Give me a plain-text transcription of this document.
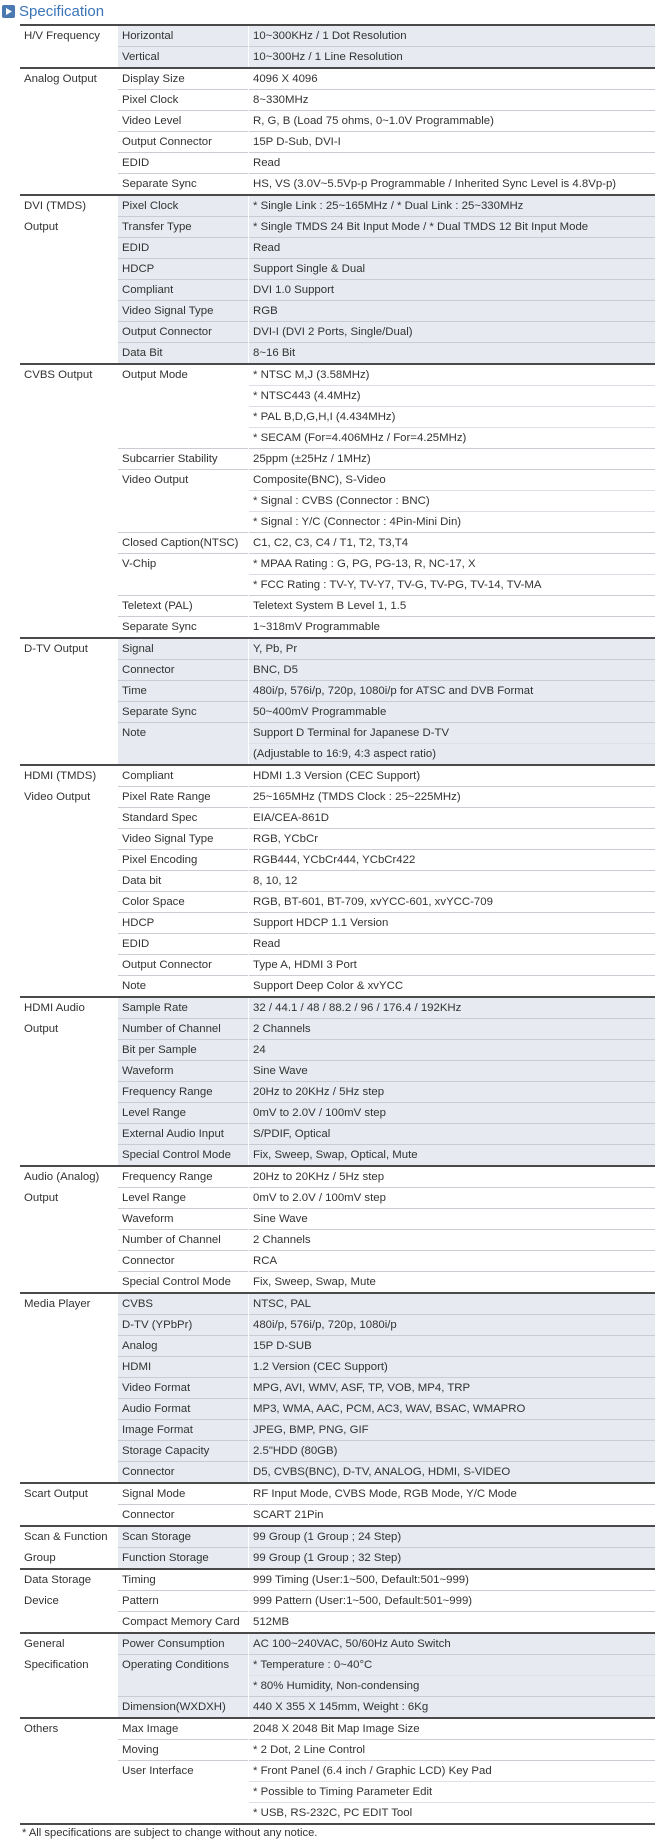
Specification
H/V Frequency	Horizontal	10~300KHz / 1 Dot Resolution
	Vertical	10~300Hz / 1 Line Resolution
Analog Output	Display Size	4096 X 4096
	Pixel Clock	8~330MHz
	Video Level	R, G, B (Load 75 ohms, 0~1.0V Programmable)
	Output Connector	15P D-Sub, DVI-I
	EDID	Read
	Separate Sync	HS, VS (3.0V~5.5Vp-p Programmable / Inherited Sync Level is 4.8Vp-p)
DVI (TMDS)	Pixel Clock	* Single Link : 25~165MHz / * Dual Link : 25~330MHz
Output	Transfer Type	* Single TMDS 24 Bit Input Mode / * Dual TMDS 12 Bit Input Mode
	EDID	Read
	HDCP	Support Single & Dual
	Compliant	DVI 1.0 Support
	Video Signal Type	RGB
	Output Connector	DVI-I (DVI 2 Ports, Single/Dual)
	Data Bit	8~16 Bit
CVBS Output	Output Mode	* NTSC M,J (3.58MHz)
		* NTSC443 (4.4MHz)
		* PAL B,D,G,H,I (4.434MHz)
		* SECAM (For=4.406MHz / For=4.25MHz)
	Subcarrier Stability	25ppm (±25Hz / 1MHz)
	Video Output	Composite(BNC), S-Video
		* Signal : CVBS (Connector : BNC)
		* Signal : Y/C (Connector : 4Pin-Mini Din)
	Closed Caption(NTSC)	C1, C2, C3, C4 / T1, T2, T3,T4
	V-Chip	* MPAA Rating : G, PG, PG-13, R, NC-17, X
		* FCC Rating : TV-Y, TV-Y7, TV-G, TV-PG, TV-14, TV-MA
	Teletext (PAL)	Teletext System B Level 1, 1.5
	Separate Sync	1~318mV Programmable
D-TV Output	Signal	Y, Pb, Pr
	Connector	BNC, D5
	Time	480i/p, 576i/p, 720p, 1080i/p for ATSC and DVB Format
	Separate Sync	50~400mV Programmable
	Note	Support D Terminal for Japanese D-TV
		(Adjustable to 16:9, 4:3 aspect ratio)
HDMI (TMDS)	Compliant	HDMI 1.3 Version (CEC Support)
Video Output	Pixel Rate Range	25~165MHz (TMDS Clock : 25~225MHz)
	Standard Spec	EIA/CEA-861D
	Video Signal Type	RGB, YCbCr
	Pixel Encoding	RGB444, YCbCr444, YCbCr422
	Data bit	8, 10, 12
	Color Space	RGB, BT-601, BT-709, xvYCC-601, xvYCC-709
	HDCP	Support HDCP 1.1 Version
	EDID	Read
	Output Connector	Type A, HDMI 3 Port
	Note	Support Deep Color & xvYCC
HDMI Audio	Sample Rate	32 / 44.1 / 48 / 88.2 / 96 / 176.4 / 192KHz
Output	Number of Channel	2 Channels
	Bit per Sample	24
	Waveform	Sine Wave
	Frequency Range	20Hz to 20KHz / 5Hz step
	Level Range	0mV to 2.0V / 100mV step
	External Audio Input	S/PDIF, Optical
	Special Control Mode	Fix, Sweep, Swap, Optical, Mute
Audio (Analog)	Frequency Range	20Hz to 20KHz / 5Hz step
Output	Level Range	0mV to 2.0V / 100mV step
	Waveform	Sine Wave
	Number of Channel	2 Channels
	Connector	RCA
	Special Control Mode	Fix, Sweep, Swap, Mute
Media Player	CVBS	NTSC, PAL
	D-TV (YPbPr)	480i/p, 576i/p, 720p, 1080i/p
	Analog	15P D-SUB
	HDMI	1.2 Version (CEC Support)
	Video Format	MPG, AVI, WMV, ASF, TP, VOB, MP4, TRP
	Audio Format	MP3, WMA, AAC, PCM, AC3, WAV, BSAC, WMAPRO
	Image Format	JPEG, BMP, PNG, GIF
	Storage Capacity	2.5"HDD (80GB)
	Connector	D5, CVBS(BNC), D-TV, ANALOG, HDMI, S-VIDEO
Scart Output	Signal Mode	RF Input Mode, CVBS Mode, RGB Mode, Y/C Mode
	Connector	SCART 21Pin
Scan & Function	Scan Storage	99 Group (1 Group ; 24 Step)
Group	Function Storage	99 Group (1 Group ; 32 Step)
Data Storage	Timing	999 Timing (User:1~500, Default:501~999)
Device	Pattern	999 Pattern (User:1~500, Default:501~999)
	Compact Memory Card	512MB
General	Power Consumption	AC 100~240VAC, 50/60Hz Auto Switch
Specification	Operating Conditions	* Temperature : 0~40°C
		* 80% Humidity, Non-condensing
	Dimension(WXDXH)	440 X 355 X 145mm, Weight : 6Kg
Others	Max Image	2048 X 2048 Bit Map Image Size
	Moving	* 2 Dot, 2 Line Control
	User Interface	* Front Panel (6.4 inch / Graphic LCD) Key Pad
		* Possible to Timing Parameter Edit
		* USB, RS-232C, PC EDIT Tool
* All specifications are subject to change without any notice.
